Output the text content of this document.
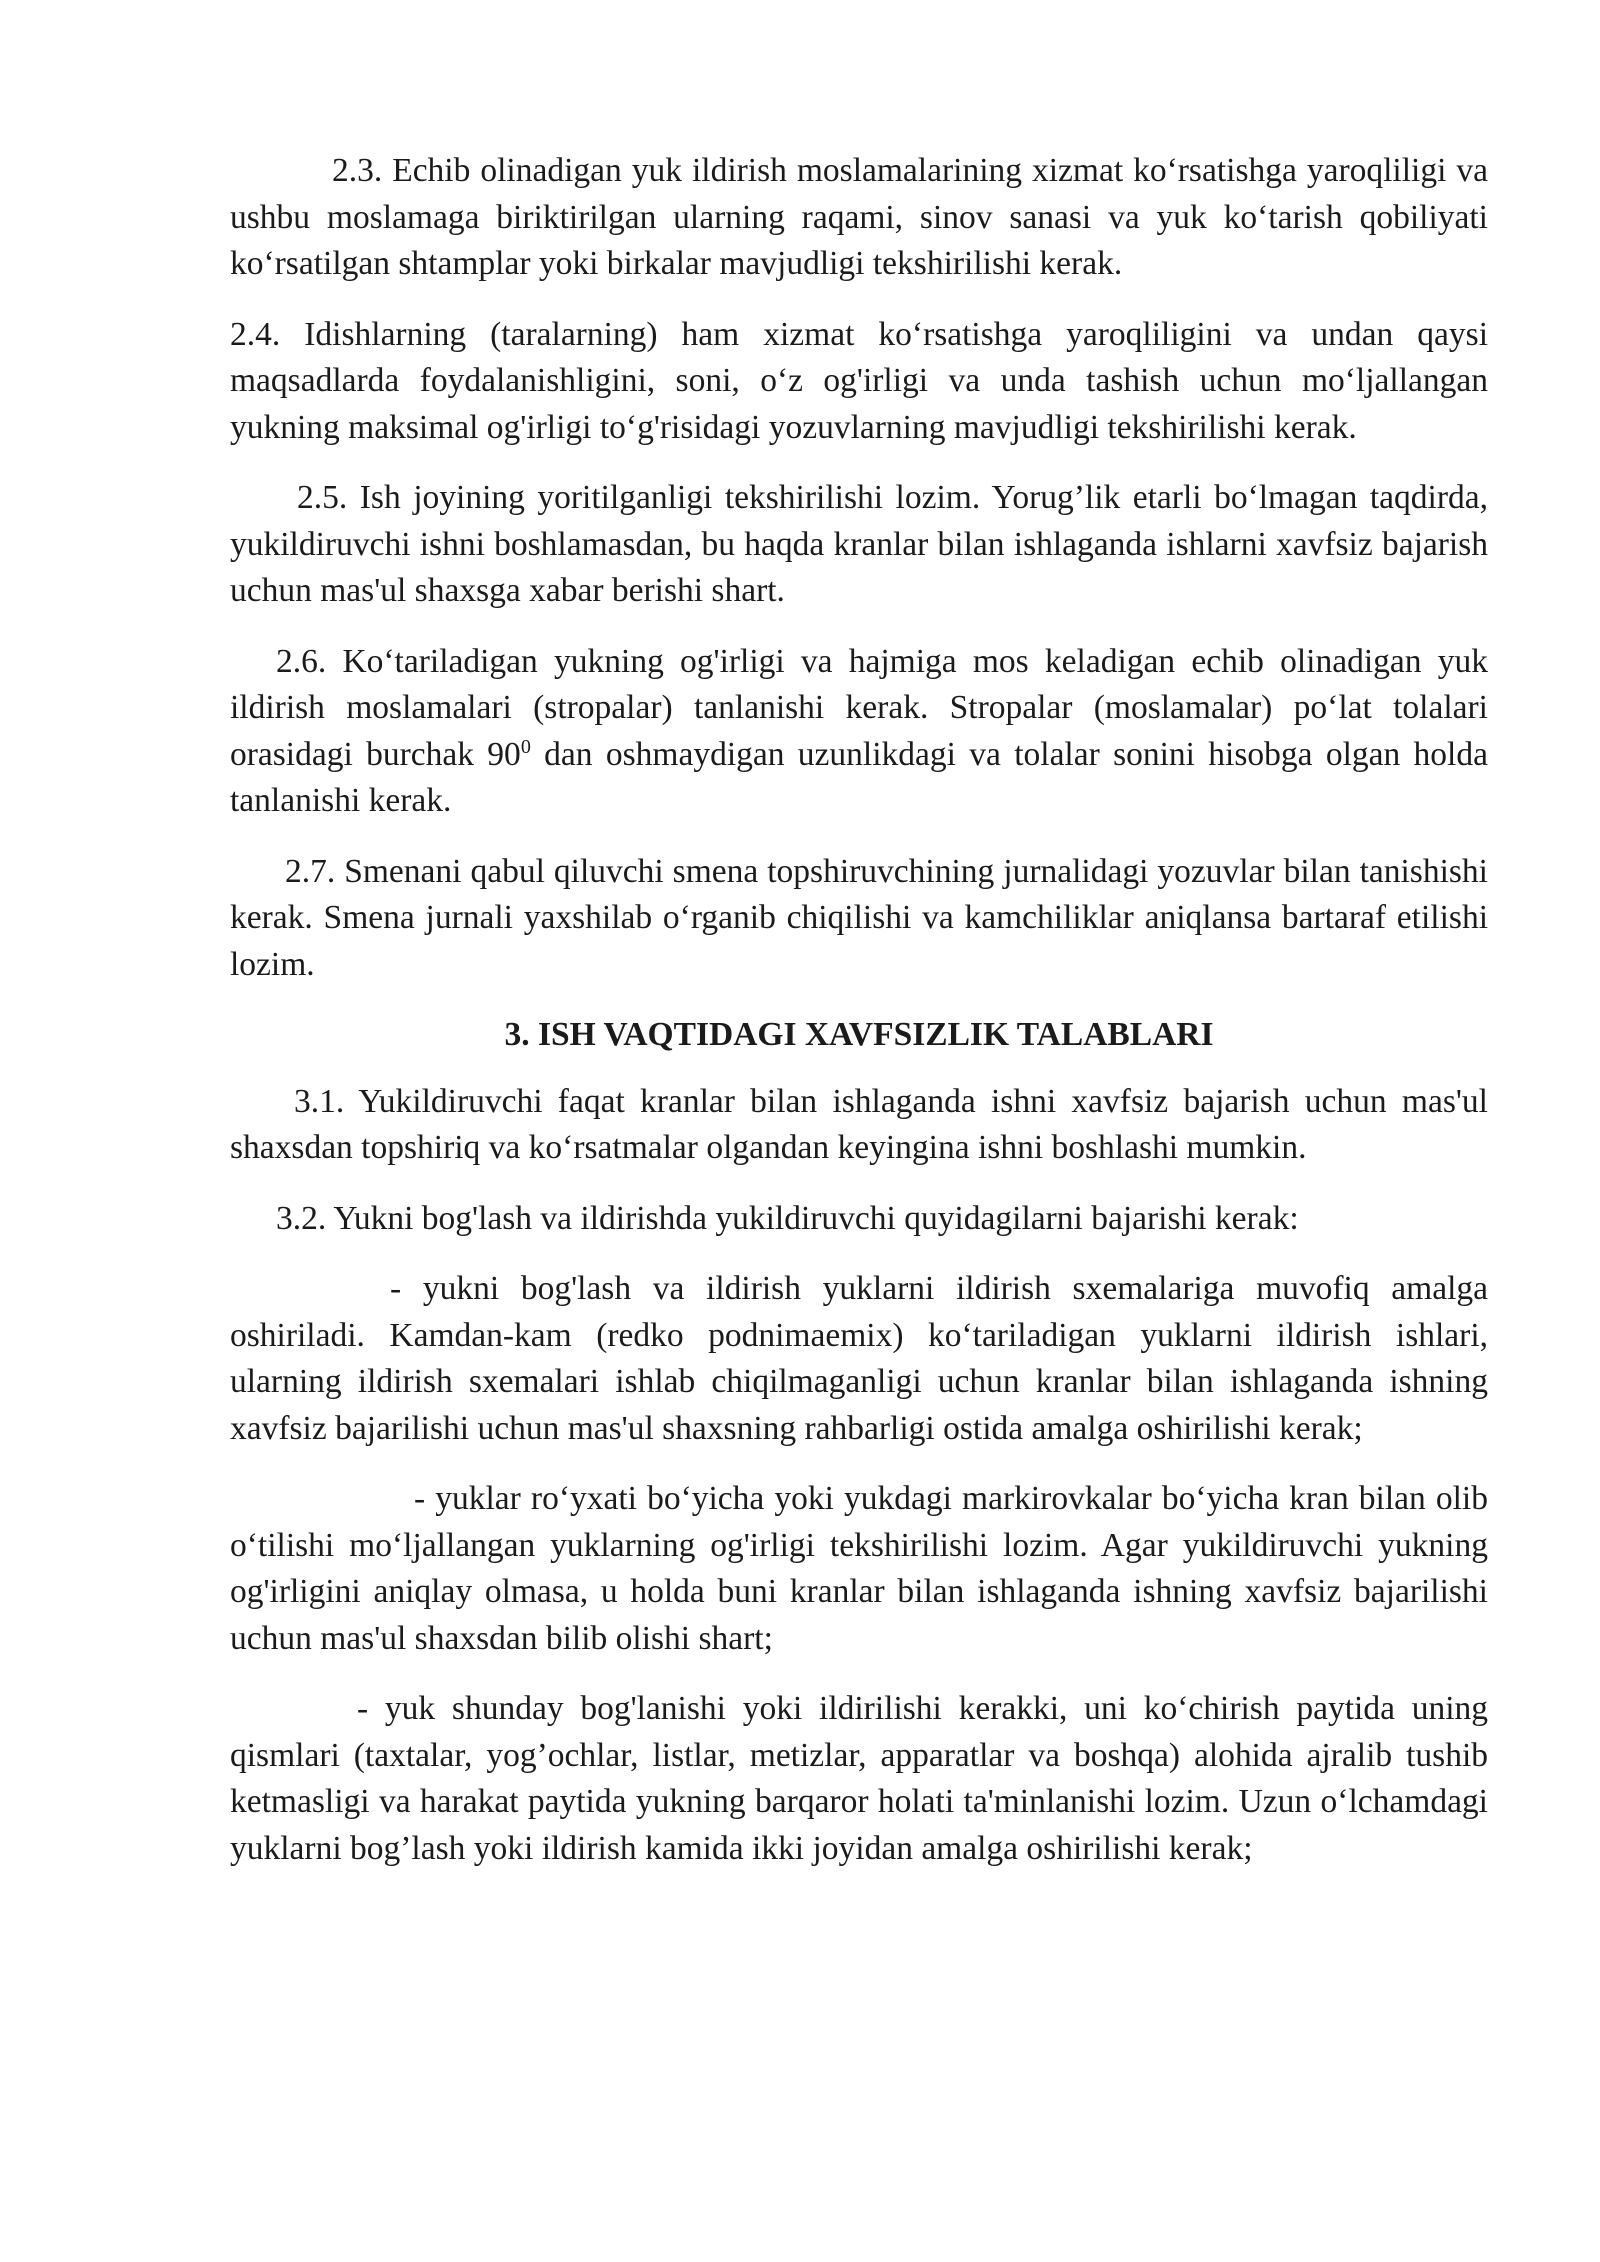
2.3. Echib olinadigan yuk ildirish moslamalarining xizmat ko‘rsatishga yaroqliligi va ushbu moslamaga biriktirilgan ularning raqami, sinov sanasi va yuk ko‘tarish qobiliyati ko‘rsatilgan shtamplar yoki birkalar mavjudligi tekshirilishi kerak.

2.4. Idishlarning (taralarning) ham xizmat ko‘rsatishga yaroqliligini va undan qaysi maqsadlarda foydalanishligini, soni, o‘z og'irligi va unda tashish uchun mo‘ljallangan yukning maksimal og'irligi to‘g'risidagi yozuvlarning mavjudligi tekshirilishi kerak.

2.5. Ish joyining yoritilganligi tekshirilishi lozim. Yorug’lik etarli bo‘lmagan taqdirda, yukildiruvchi ishni boshlamasdan, bu haqda kranlar bilan ishlaganda ishlarni xavfsiz bajarish uchun mas'ul shaxsga xabar berishi shart.

2.6. Ko‘tariladigan yukning og'irligi va hajmiga mos keladigan echib olinadigan yuk ildirish moslamalari (stropalar) tanlanishi kerak. Stropalar (moslamalar) po‘lat tolalari orasidagi burchak $90^0$ dan oshmaydigan uzunlikdagi va tolalar sonini hisobga olgan holda tanlanishi kerak.

2.7. Smenani qabul qiluvchi smena topshiruvchining jurnalidagi yozuvlar bilan tanishishi kerak. Smena jurnali yaxshilab o‘rganib chiqilishi va kamchiliklar aniqlansa bartaraf etilishi lozim.

3. ISH VAQTIDAGI XAVFSIZLIK TALABLARI

3.1. Yukildiruvchi faqat kranlar bilan ishlaganda ishni xavfsiz bajarish uchun mas'ul shaxsdan topshiriq va ko‘rsatmalar olgandan keyingina ishni boshlashi mumkin.

3.2. Yukni bog'lash va ildirishda yukildiruvchi quyidagilarni bajarishi kerak:

- yukni bog'lash va ildirish yuklarni ildirish sxemalariga muvofiq amalga oshiriladi. Kamdan-kam (redko podnimaemix) ko‘tariladigan yuklarni ildirish ishlari, ularning ildirish sxemalari ishlab chiqilmaganligi uchun kranlar bilan ishlaganda ishning xavfsiz bajarilishi uchun mas'ul shaxsning rahbarligi ostida amalga oshirilishi kerak;

- yuklar ro‘yxati bo‘yicha yoki yukdagi markirovkalar bo‘yicha kran bilan olib o‘tilishi mo‘ljallangan yuklarning og'irligi tekshirilishi lozim. Agar yukildiruvchi yukning og'irligini aniqlay olmasa, u holda buni kranlar bilan ishlaganda ishning xavfsiz bajarilishi uchun mas'ul shaxsdan bilib olishi shart;

- yuk shunday bog'lanishi yoki ildirilishi kerakki, uni ko‘chirish paytida uning qismlari (taxtalar, yog’ochlar, listlar, metizlar, apparatlar va boshqa) alohida ajralib tushib ketmasligi va harakat paytida yukning barqaror holati ta'minlanishi lozim. Uzun o‘lchamdagi yuklarni bog’lash yoki ildirish kamida ikki joyidan amalga oshirilishi kerak;
